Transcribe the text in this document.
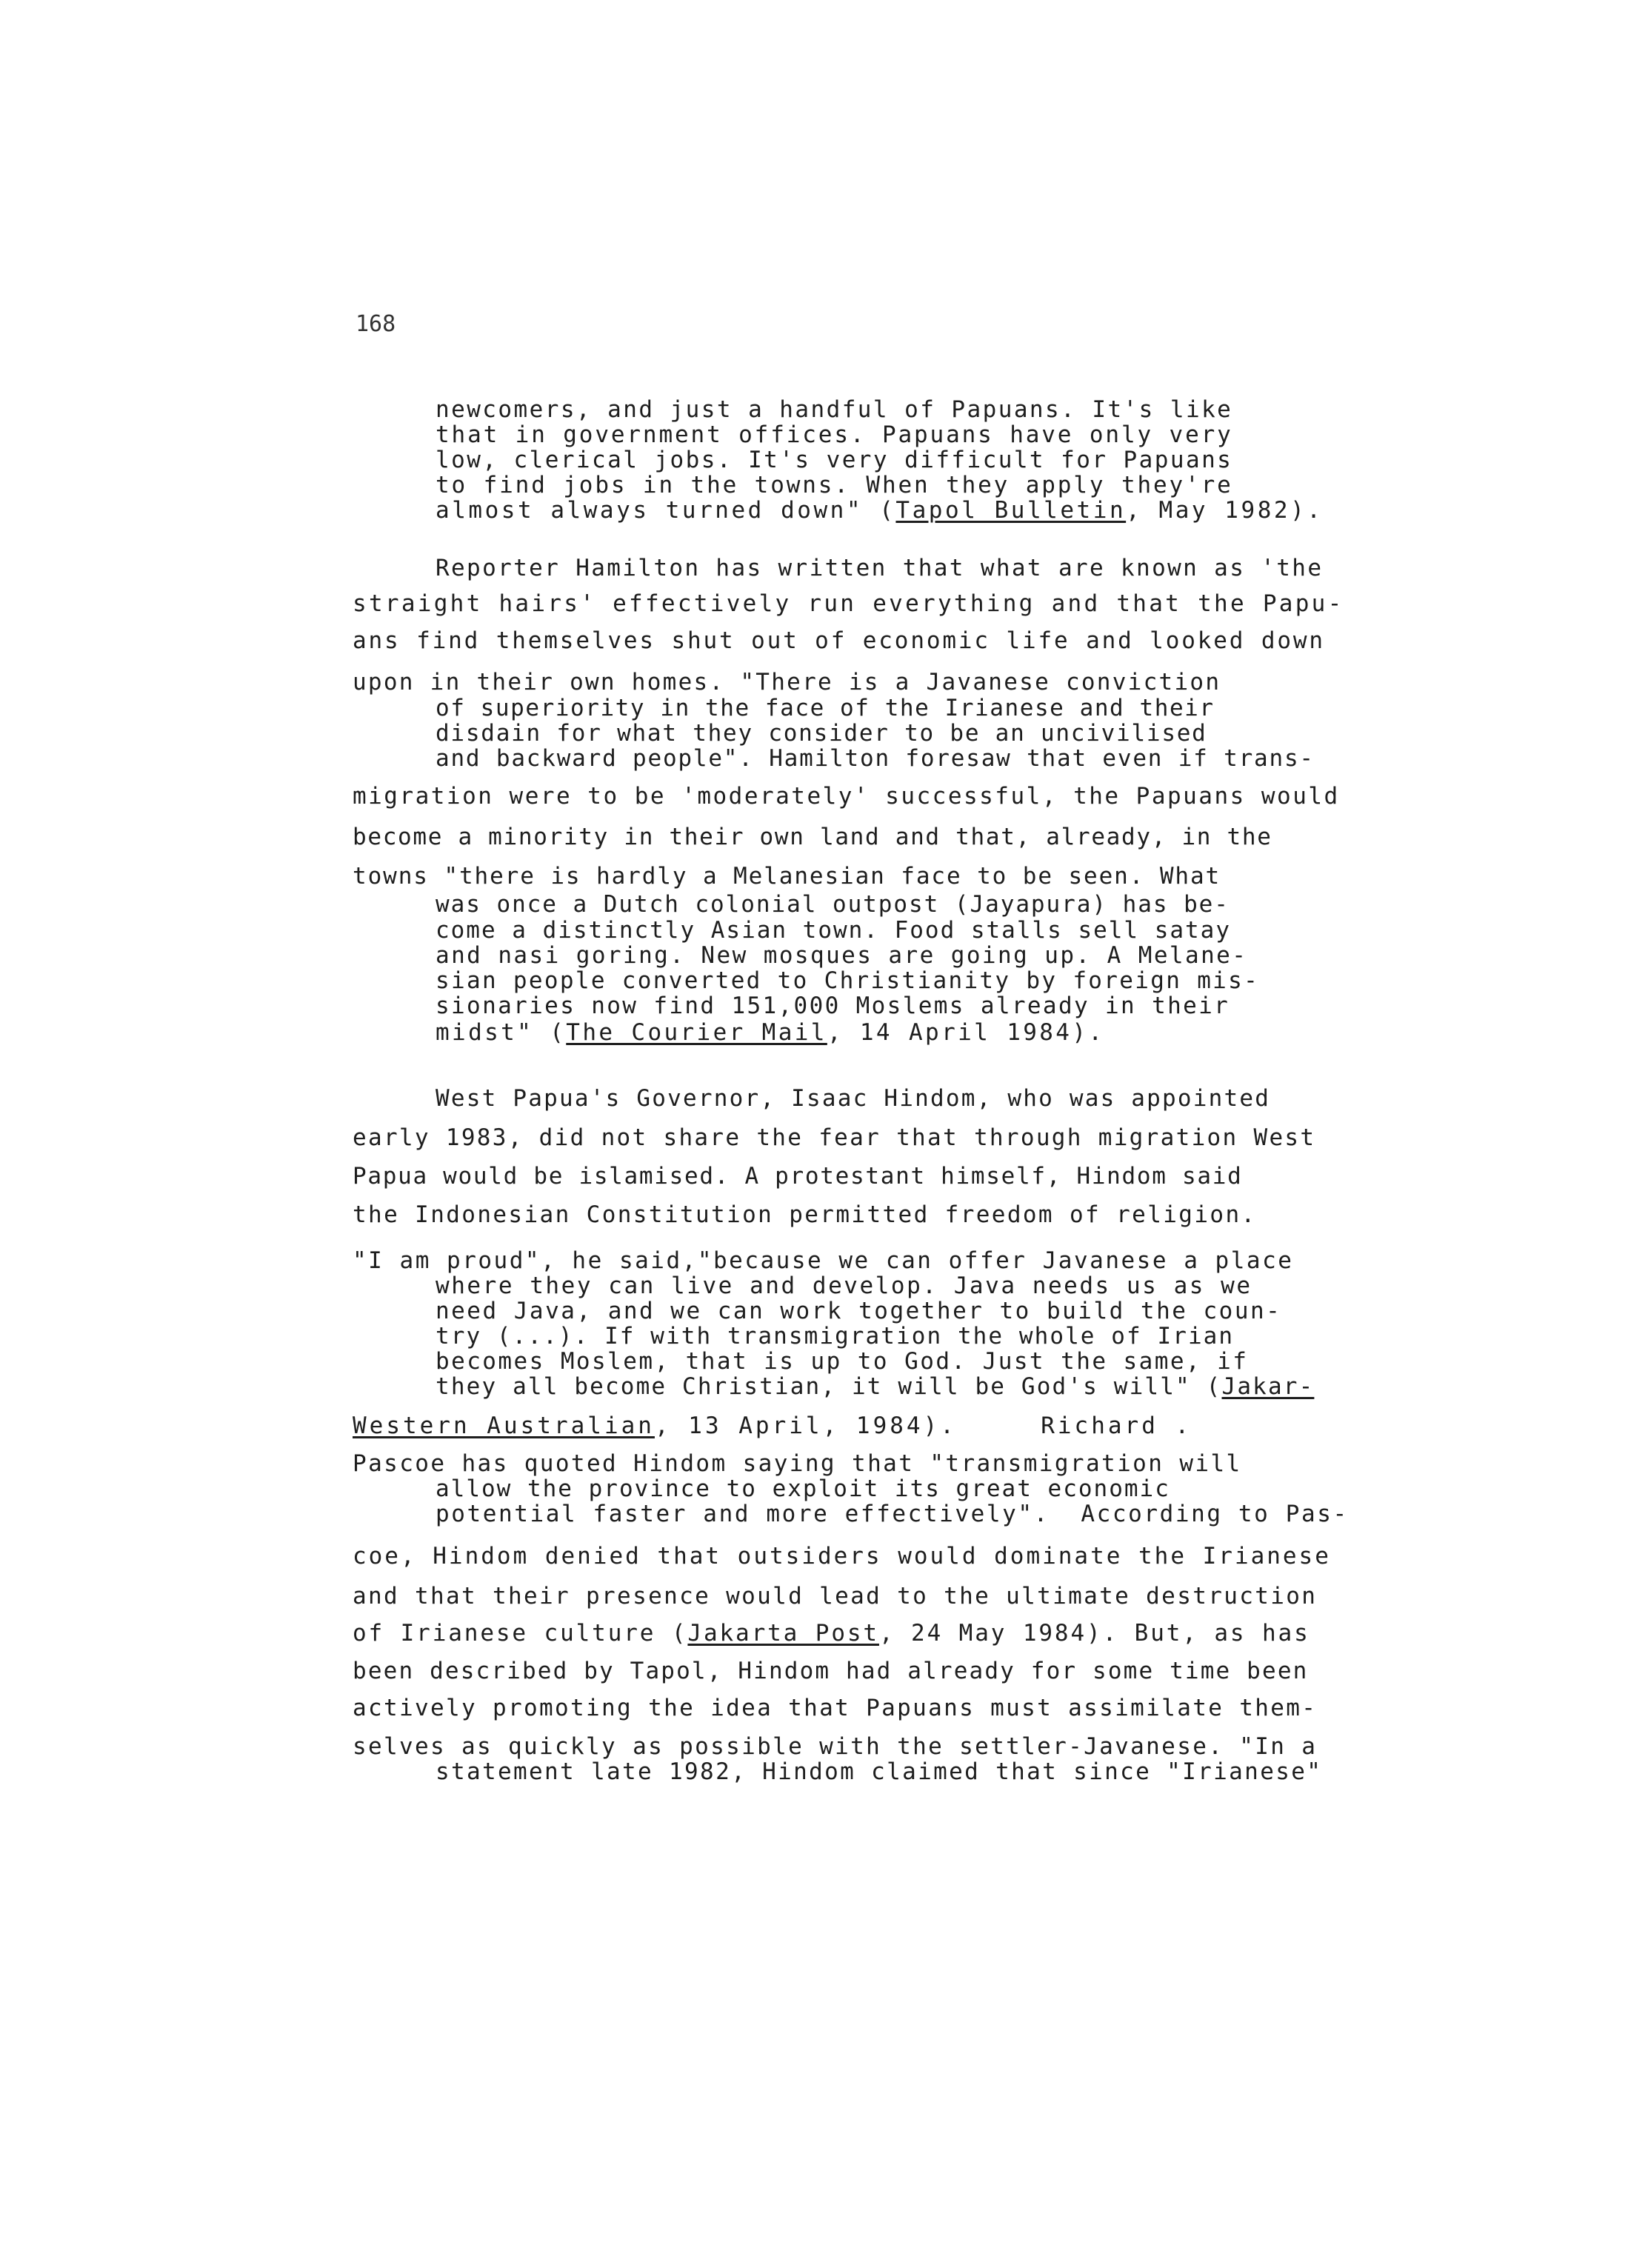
168
newcomers, and just a handful of Papuans. It's like
that in government offices. Papuans have only very
low, clerical jobs. It's very difficult for Papuans
to find jobs in the towns. When they apply they're
almost always turned down" (Tapol Bulletin, May 1982).
Reporter Hamilton has written that what are known as 'the
straight hairs' effectively run everything and that the Papu-
ans find themselves shut out of economic life and looked down
upon in their own homes. "There is a Javanese conviction
of superiority in the face of the Irianese and their
disdain for what they consider to be an uncivilised
and backward people". Hamilton foresaw that even if trans-
migration were to be 'moderately' successful, the Papuans would
become a minority in their own land and that, already, in the
towns "there is hardly a Melanesian face to be seen. What
was once a Dutch colonial outpost (Jayapura) has be-
come a distinctly Asian town. Food stalls sell satay
and nasi goring. New mosques are going up. A Melane-
sian people converted to Christianity by foreign mis-
sionaries now find 151,000 Moslems already in their
midst" (The Courier Mail, 14 April 1984).
West Papua's Governor, Isaac Hindom, who was appointed
early 1983, did not share the fear that through migration West
Papua would be islamised. A protestant himself, Hindom said
the Indonesian Constitution permitted freedom of religion.
"I am proud", he said,"because we can offer Javanese a place
where they can live and develop. Java needs us as we
need Java, and we can work together to build the coun-
try (...). If with transmigration the whole of Irian
becomes Moslem, that is up to God. Just the same, if
they all become Christian, it will be God's will" (Jakar-
Western Australian, 13 April, 1984).     Richard .
Pascoe has quoted Hindom saying that "transmigration will
allow the province to exploit its great economic
potential faster and more effectively".  According to Pas-
coe, Hindom denied that outsiders would dominate the Irianese
and that their presence would lead to the ultimate destruction
of Irianese culture (Jakarta Post, 24 May 1984). But, as has
been described by Tapol, Hindom had already for some time been
actively promoting the idea that Papuans must assimilate them-
selves as quickly as possible with the settler-Javanese. "In a
statement late 1982, Hindom claimed that since "Irianese"
